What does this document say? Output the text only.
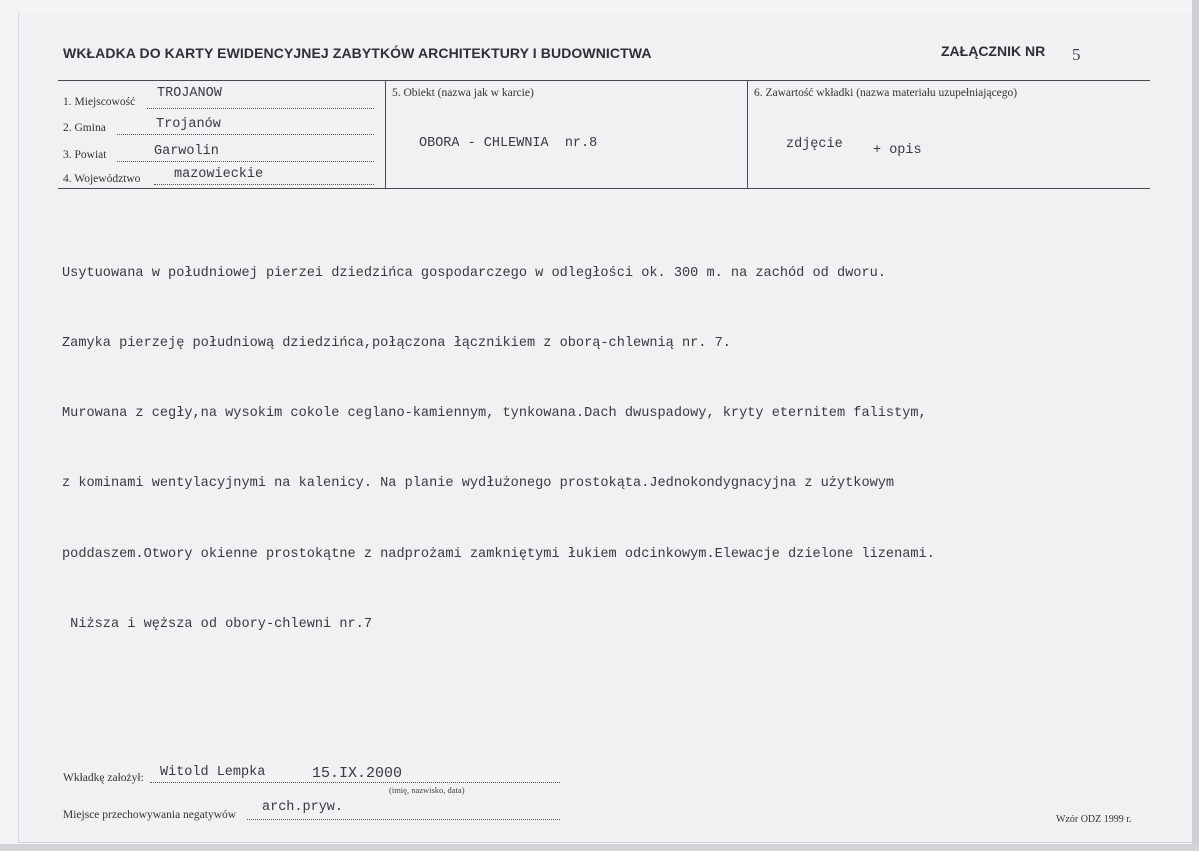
WKŁADKA DO KARTY EWIDENCYJNEJ ZABYTKÓW ARCHITEKTURY I BUDOWNICTWA	ZAŁĄCZNIK NR 5
1. Miejscowość
TROJANOW
2. Gmina	Trojanów
3. Powiat	Garwolin
4. Województwo mazowieckie
5. Obiekt (nazwa jak w karcie)
OBORA - CHLEWNIA  nr.8
6. Zawartość wkładki (nazwa materiału uzupełniającego)
zdjęcie + opis

Usytuowana w południowej pierzei dziedzińca gospodarczego w odległości ok. 300 m. na zachód od dworu.

Zamyka pierzeję południową dziedzińca,połączona łącznikiem z oborą-chlewnią nr. 7.

Murowana z cegły,na wysokim cokole ceglano-kamiennym, tynkowana.Dach dwuspadowy, kryty eternitem falistym,

z kominami wentylacyjnymi na kalenicy. Na planie wydłużonego prostokąta.Jednokondygnacyjna z użytkowym

poddaszem.Otwory okienne prostokątne z nadprożami zamkniętymi łukiem odcinkowym.Elewacje dzielone lizenami.

Niższa i węższa od obory-chlewni nr.7

Wkładkę założył: Witold Lempka	15.IX.2000
(imię, nazwisko, data)
Miejsce przechowywania negatywów arch.pryw.
Wzór ODZ 1999 r.
